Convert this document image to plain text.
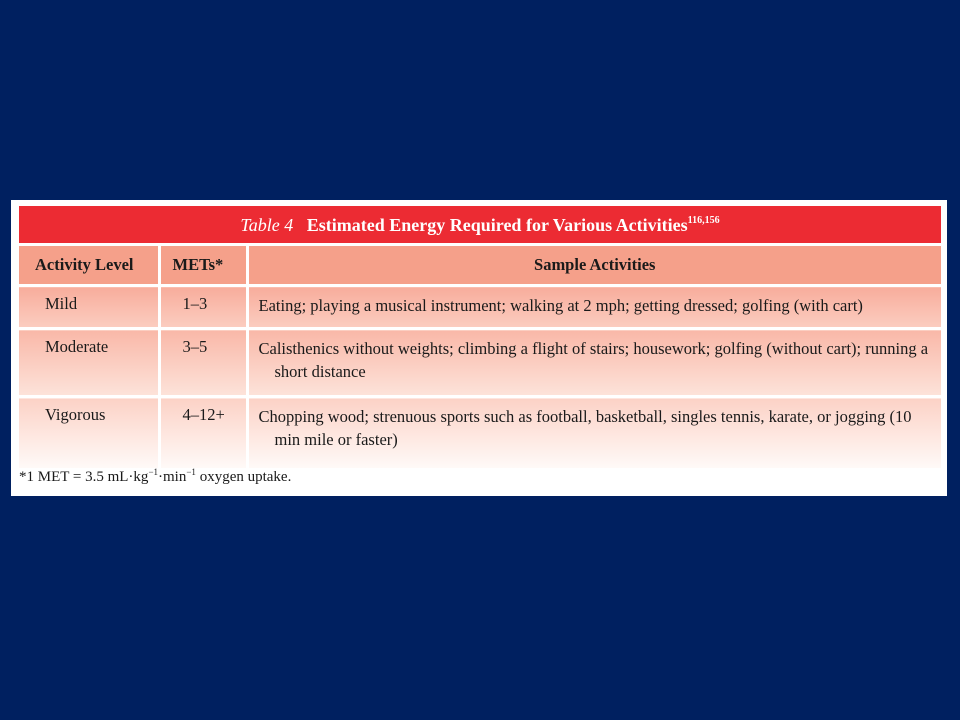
Table 4 Estimated Energy Required for Various Activities$^{116,156}$
Activity Level	METs*	Sample Activities
Mild	1–3	Eating; playing a musical instrument; walking at 2 mph; getting dressed; golfing (with cart)
Moderate	3–5	Calisthenics without weights; climbing a flight of stairs; housework; golfing (without cart); running a short distance
Vigorous	4–12+	Chopping wood; strenuous sports such as football, basketball, singles tennis, karate, or jogging (10 min mile or faster)
*1 MET = 3.5 $mL\cdot kg^{-1}\cdot\min^{-1}$ oxygen uptake.
